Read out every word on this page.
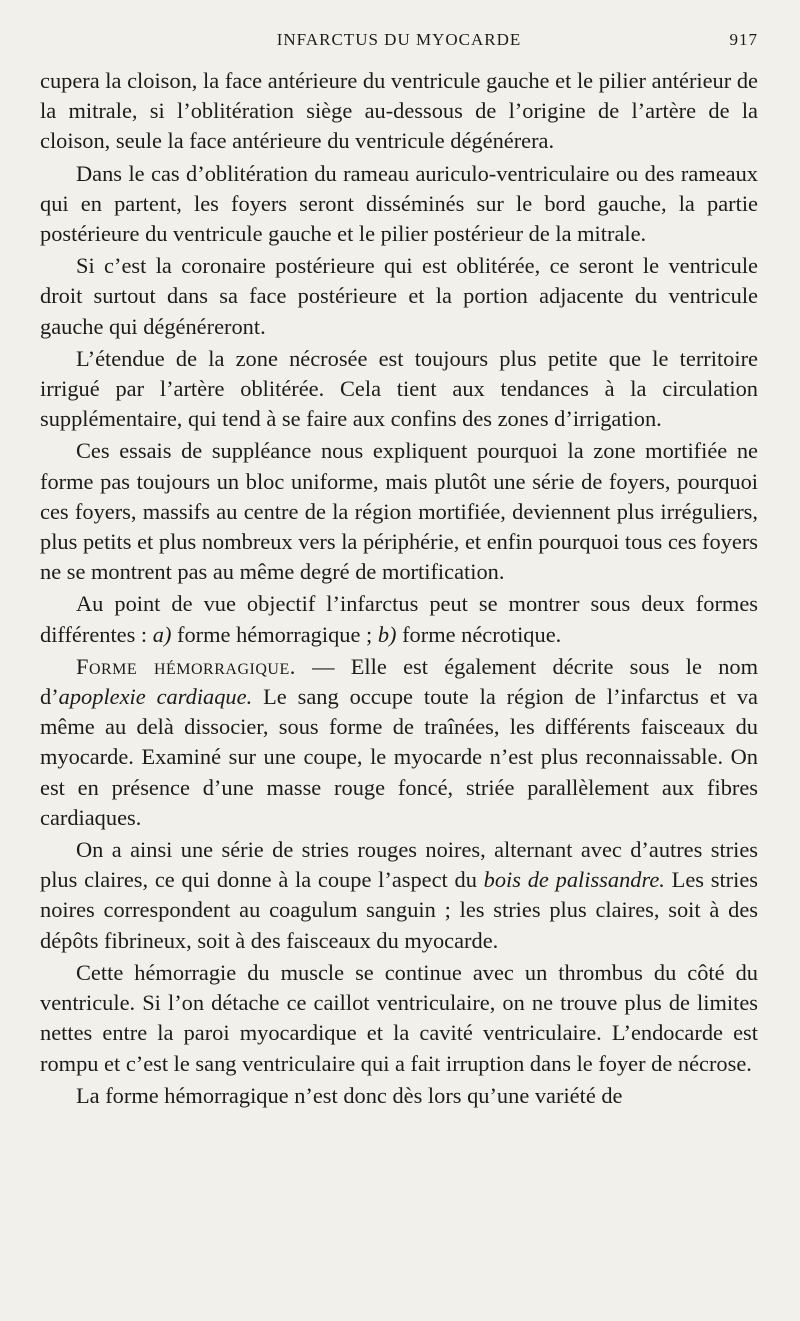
INFARCTUS DU MYOCARDE	917

cupera la cloison, la face antérieure du ventricule gauche et le pilier antérieur de la mitrale, si l’oblitération siège au-dessous de l’origine de l’artère de la cloison, seule la face antérieure du ventricule dégénérera.

Dans le cas d’oblitération du rameau auriculo-ventriculaire ou des rameaux qui en partent, les foyers seront disséminés sur le bord gauche, la partie postérieure du ventricule gauche et le pilier postérieur de la mitrale.

Si c’est la coronaire postérieure qui est oblitérée, ce seront le ventricule droit surtout dans sa face postérieure et la portion adjacente du ventricule gauche qui dégénéreront.

L’étendue de la zone nécrosée est toujours plus petite que le territoire irrigué par l’artère oblitérée. Cela tient aux tendances à la circulation supplémentaire, qui tend à se faire aux confins des zones d’irrigation.

Ces essais de suppléance nous expliquent pourquoi la zone mortifiée ne forme pas toujours un bloc uniforme, mais plutôt une série de foyers, pourquoi ces foyers, massifs au centre de la région mortifiée, deviennent plus irréguliers, plus petits et plus nombreux vers la périphérie, et enfin pourquoi tous ces foyers ne se montrent pas au même degré de mortification.

Au point de vue objectif l’infarctus peut se montrer sous deux formes différentes : a) forme hémorragique ; b) forme nécrotique.

Forme hémorragique. — Elle est également décrite sous le nom d’apoplexie cardiaque. Le sang occupe toute la région de l’infarctus et va même au delà dissocier, sous forme de traînées, les différents faisceaux du myocarde. Examiné sur une coupe, le myocarde n’est plus reconnaissable. On est en présence d’une masse rouge foncé, striée parallèlement aux fibres cardiaques.

On a ainsi une série de stries rouges noires, alternant avec d’autres stries plus claires, ce qui donne à la coupe l’aspect du bois de palissandre. Les stries noires correspondent au coagulum sanguin ; les stries plus claires, soit à des dépôts fibrineux, soit à des faisceaux du myocarde.

Cette hémorragie du muscle se continue avec un thrombus du côté du ventricule. Si l’on détache ce caillot ventriculaire, on ne trouve plus de limites nettes entre la paroi myocardique et la cavité ventriculaire. L’endocarde est rompu et c’est le sang ventriculaire qui a fait irruption dans le foyer de nécrose.

La forme hémorragique n’est donc dès lors qu’une variété de
